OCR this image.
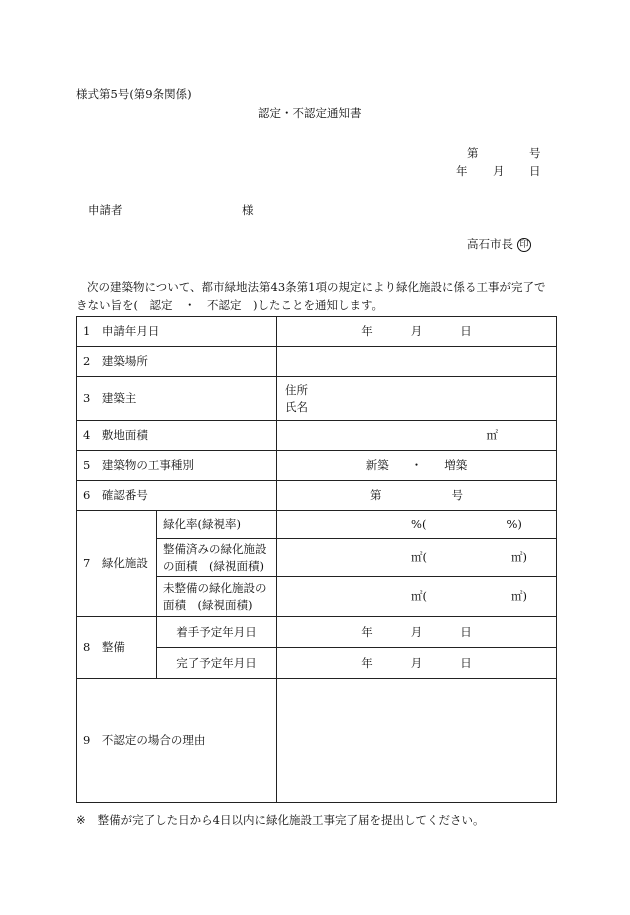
様式第5号(第9条関係)
認定・不認定通知書
第	号
年 月 日
申請者	様
高石市長 印
次の建築物について、都市緑地法第43条第1項の規定により緑化施設に係る工事が完了で
きない旨を(　認定　・　不認定　)したことを通知します。
1　申請年月日		年 月 日
2　建築場所		
3　建築主		住所
氏名

4　敷地面積		㎡
5　建築物の工事種別		新築 ・ 増築
6　確認番号		第 号
7　緑化施設	緑化率(緑視率)	%( %)

	整備済みの緑化施設
の面積　(緑視面積)	㎡( ㎡)

	未整備の緑化施設の
面積　(緑視面積)	㎡( ㎡)
8　整備	着手予定年月日	年 月 日
	完了予定年月日	年 月 日
9　不認定の場合の理由		
※ 整備が完了した日から4日以内に緑化施設工事完了届を提出してください。
